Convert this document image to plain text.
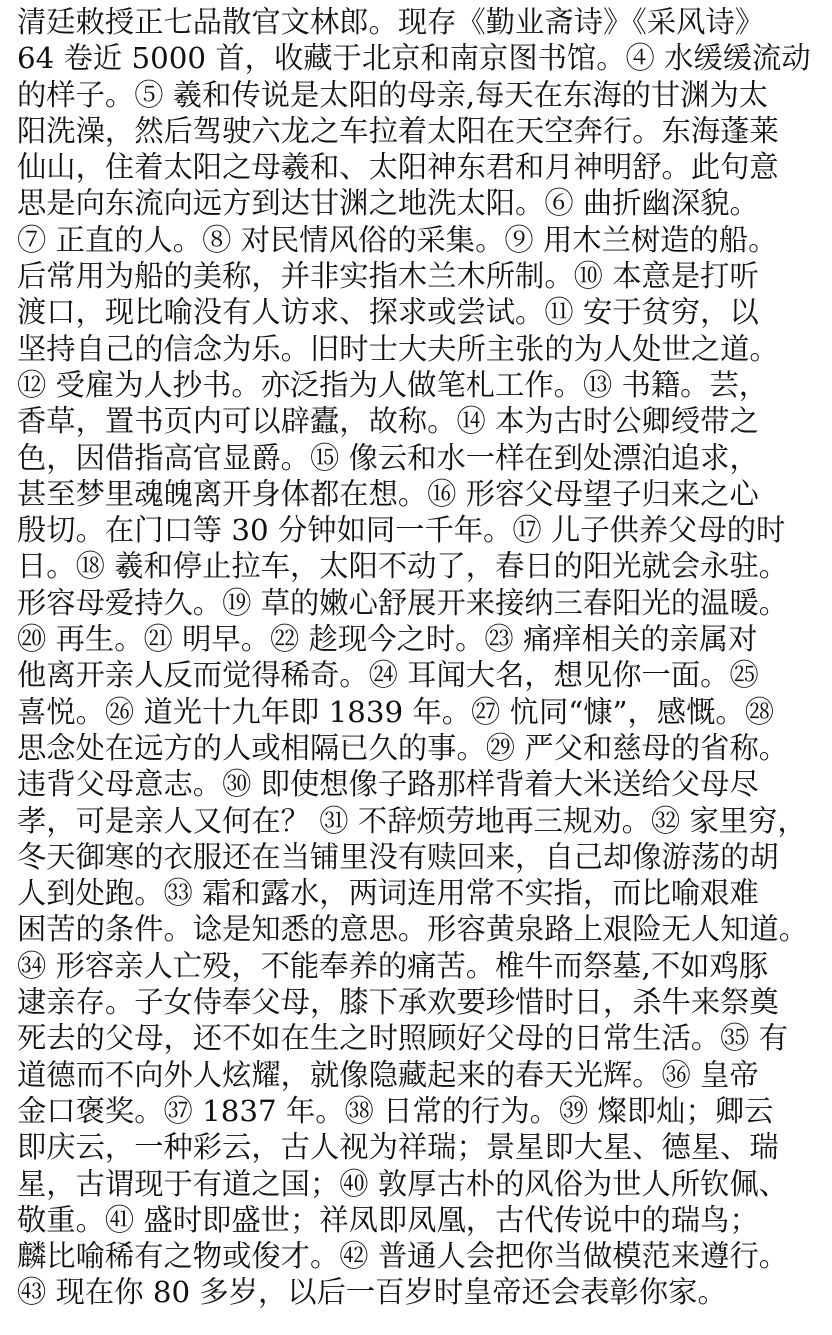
清廷敕授正七品散官文林郎。现存《勤业斋诗》《采风诗》
64 卷近 5000 首，收藏于北京和南京图书馆。④ 水缓缓流动
的样子。⑤ 羲和传说是太阳的母亲,每天在东海的甘渊为太
阳洗澡，然后驾驶六龙之车拉着太阳在天空奔行。东海蓬莱
仙山，住着太阳之母羲和、太阳神东君和月神明舒。此句意
思是向东流向远方到达甘渊之地洗太阳。⑥ 曲折幽深貌。
⑦ 正直的人。⑧ 对民情风俗的采集。⑨ 用木兰树造的船。
后常用为船的美称，并非实指木兰木所制。⑩ 本意是打听
渡口，现比喻没有人访求、探求或尝试。⑪ 安于贫穷，以
坚持自己的信念为乐。旧时士大夫所主张的为人处世之道。
⑫ 受雇为人抄书。亦泛指为人做笔札工作。⑬ 书籍。芸，
香草，置书页内可以辟蠹，故称。⑭ 本为古时公卿绶带之
色，因借指高官显爵。⑮ 像云和水一样在到处漂泊追求，
甚至梦里魂魄离开身体都在想。⑯ 形容父母望子归来之心
殷切。在门口等 30 分钟如同一千年。⑰ 儿子供养父母的时
日。⑱ 羲和停止拉车，太阳不动了，春日的阳光就会永驻。
形容母爱持久。⑲ 草的嫩心舒展开来接纳三春阳光的温暖。
⑳ 再生。㉑ 明早。㉒ 趁现今之时。㉓ 痛痒相关的亲属对
他离开亲人反而觉得稀奇。㉔ 耳闻大名，想见你一面。㉕
喜悦。㉖ 道光十九年即 1839 年。㉗ 忼同“慷”，感慨。㉘
思念处在远方的人或相隔已久的事。㉙ 严父和慈母的省称。
违背父母意志。㉚ 即使想像子路那样背着大米送给父母尽
孝，可是亲人又何在？ ㉛ 不辞烦劳地再三规劝。㉜ 家里穷，
冬天御寒的衣服还在当铺里没有赎回来，自己却像游荡的胡
人到处跑。㉝ 霜和露水，两词连用常不实指，而比喻艰难
困苦的条件。谂是知悉的意思。形容黄泉路上艰险无人知道。
㉞ 形容亲人亡殁，不能奉养的痛苦。椎牛而祭墓,不如鸡豚
逮亲存。子女侍奉父母，膝下承欢要珍惜时日，杀牛来祭奠
死去的父母，还不如在生之时照顾好父母的日常生活。㉟ 有
道德而不向外人炫耀，就像隐藏起来的春天光辉。㊱ 皇帝
金口褒奖。㊲ 1837 年。㊳ 日常的行为。㊴ 燦即灿；卿云
即庆云，一种彩云，古人视为祥瑞；景星即大星、德星、瑞
星，古谓现于有道之国；㊵ 敦厚古朴的风俗为世人所钦佩、
敬重。㊶ 盛时即盛世；祥凤即凤凰，古代传说中的瑞鸟；
麟比喻稀有之物或俊才。㊷ 普通人会把你当做模范来遵行。
㊸ 现在你 80 多岁，以后一百岁时皇帝还会表彰你家。
